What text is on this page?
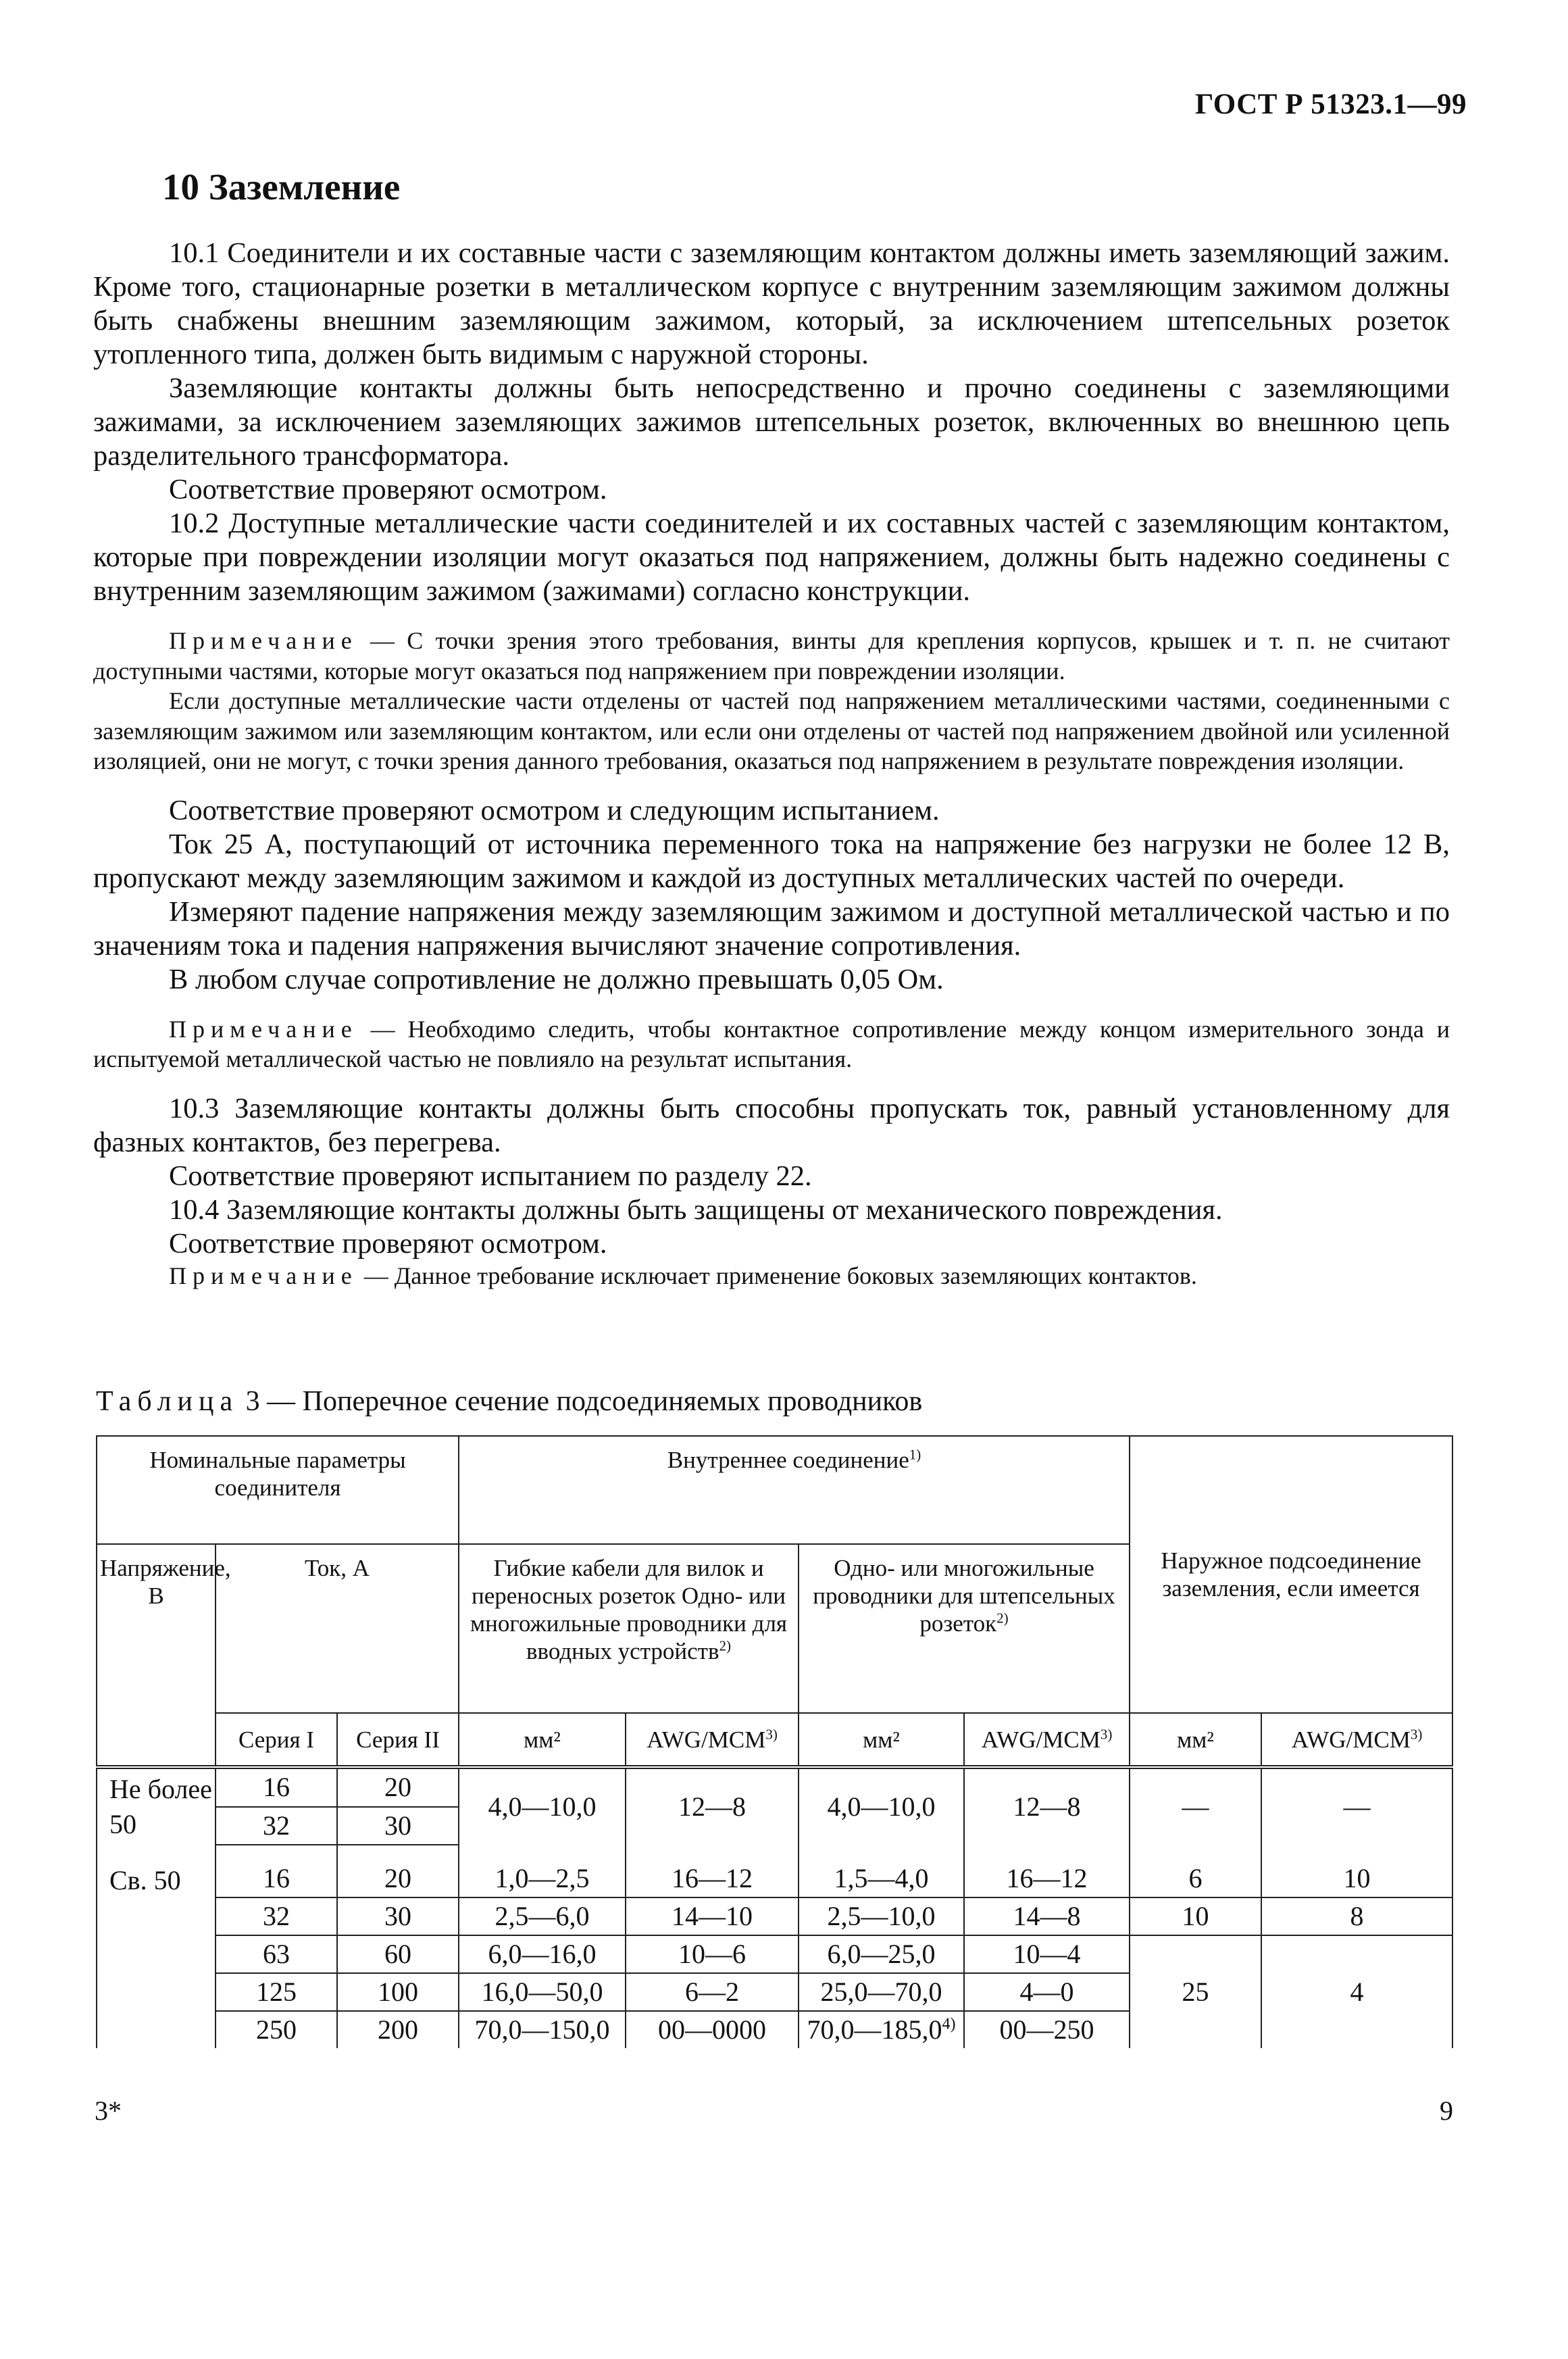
ГОСТ Р 51323.1—99
10 Заземление

10.1 Соединители и их составные части с заземляющим контактом должны иметь заземляющий зажим. Кроме того, стационарные розетки в металлическом корпусе с внутренним заземляющим зажимом должны быть снабжены внешним заземляющим зажимом, который, за исключением штепсельных розеток утопленного типа, должен быть видимым с наружной стороны.

Заземляющие контакты должны быть непосредственно и прочно соединены с заземляющими зажимами, за исключением заземляющих зажимов штепсельных розеток, включенных во внешнюю цепь разделительного трансформатора.

Соответствие проверяют осмотром.

10.2 Доступные металлические части соединителей и их составных частей с заземляющим контактом, которые при повреждении изоляции могут оказаться под напряжением, должны быть надежно соединены с внутренним заземляющим зажимом (зажимами) согласно конструкции.

Примечание — С точки зрения этого требования, винты для крепления корпусов, крышек и т. п. не считают доступными частями, которые могут оказаться под напряжением при повреждении изоляции.

Если доступные металлические части отделены от частей под напряжением металлическими частями, соединенными с заземляющим зажимом или заземляющим контактом, или если они отделены от частей под напряжением двойной или усиленной изоляцией, они не могут, с точки зрения данного требования, оказаться под напряжением в результате повреждения изоляции.

Соответствие проверяют осмотром и следующим испытанием.

Ток 25 А, поступающий от источника переменного тока на напряжение без нагрузки не более 12 В, пропускают между заземляющим зажимом и каждой из доступных металлических частей по очереди.

Измеряют падение напряжения между заземляющим зажимом и доступной металлической частью и по значениям тока и падения напряжения вычисляют значение сопротивления.

В любом случае сопротивление не должно превышать 0,05 Ом.

Примечание — Необходимо следить, чтобы контактное сопротивление между концом измерительного зонда и испытуемой металлической частью не повлияло на результат испытания.

10.3 Заземляющие контакты должны быть способны пропускать ток, равный установленному для фазных контактов, без перегрева.

Соответствие проверяют испытанием по разделу 22.

10.4 Заземляющие контакты должны быть защищены от механического повреждения.

Соответствие проверяют осмотром.

Примечание — Данное требование исключает применение боковых заземляющих контактов.

Таблица 3 — Поперечное сечение подсоединяемых проводников

Номинальные параметры соединителя			Внутреннее соединение$^{1)}$				Наружное подсоединение заземления, если имеется	
Напряжение, В	Ток, А		Гибкие кабели для вилок и переносных розеток Одно- или многожильные проводники для вводных устройств$^{2)}$		Одно- или многожильные проводники для штепсельных розеток$^{2)}$
	Серия I	Серия II	мм²	AWG/MCM$^{3)}$	мм²	AWG/MCM$^{3)}$	мм²	AWG/MCM$^{3)}$
Не более 50	16	20	4,0—10,0	12—8	4,0—10,0	12—8	—	—
	32	30						

Св. 50	16	20	1,0—2,5	16—12	1,5—4,0	16—12	6	10
	32	30	2,5—6,0	14—10	2,5—10,0	14—8	10	8
	63	60	6,0—16,0	10—6	6,0—25,0	10—4	25	4
	125	100	16,0—50,0	6—2	25,0—70,0	4—0		
	250	200	70,0—150,0	00—0000	70,0—185,0$^{4)}$	00—250		
3*	9
